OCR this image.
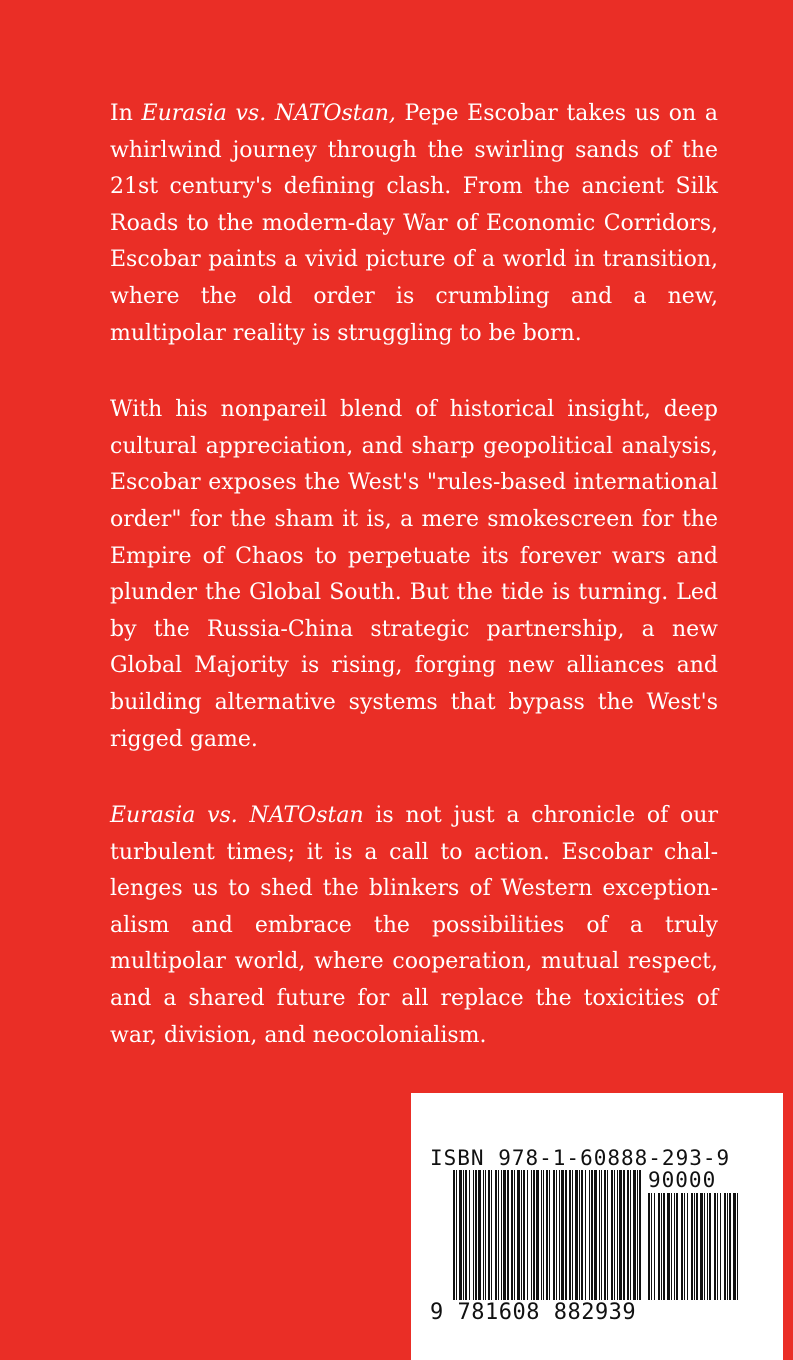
In Eurasia vs. NATOstan, Pepe Escobar takes us on a whirlwind journey through the swirling sands of the 21st century's defining clash. From the ancient Silk Roads to the modern-day War of Economic Corridors, Escobar paints a vivid picture of a world in transition, where the old order is crumbling and a new, multipolar reality is struggling to be born.

With his nonpareil blend of historical insight, deep cultural appreciation, and sharp geopolitical analysis, Escobar exposes the West's "rules-based international order" for the sham it is, a mere smokescreen for the Empire of Chaos to perpetuate its forever wars and plunder the Global South. But the tide is turning. Led by the Russia-China strategic partnership, a new Global Majority is rising, forging new alliances and building alternative systems that bypass the West's rigged game.

Eurasia vs. NATOstan is not just a chronicle of our turbulent times; it is a call to action. Escobar challenges us to shed the blinkers of Western exceptionalism and embrace the possibilities of a truly multipolar world, where cooperation, mutual respect, and a shared future for all replace the toxicities of war, division, and neocolonialism.

ISBN 978-1-60888-293-9
90000
9 781608 882939
